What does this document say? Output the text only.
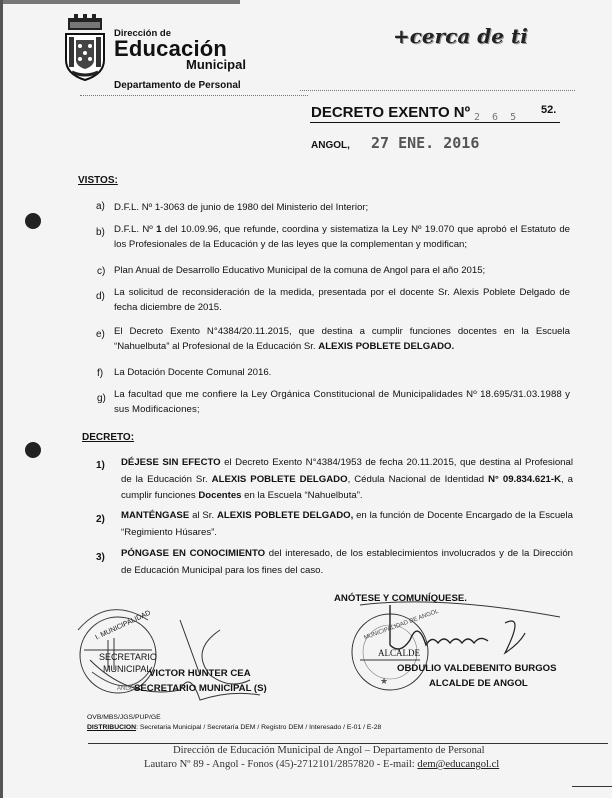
Dirección de
Educación
Municipal
Departamento de Personal
+cerca de ti
DECRETO EXENTO Nº 2 6 5
52.
ANGOL, 27 ENE. 2016
VISTOS:
a) D.F.L. Nº 1-3063 de junio de 1980 del Ministerio del Interior;
b) D.F.L. Nº 1 del 10.09.96, que refunde, coordina y sistematiza la Ley Nº 19.070 que aprobó el Estatuto de los Profesionales de la Educación y de las leyes que la complementan y modifican;
c) Plan Anual de Desarrollo Educativo Municipal de la comuna de Angol para el año 2015;
d) La solicitud de reconsideración de la medida, presentada por el docente Sr. Alexis Poblete Delgado de fecha diciembre de 2015.
e) El Decreto Exento N°4384/20.11.2015, que destina a cumplir funciones docentes en la Escuela “Nahuelbuta” al Profesional de la Educación Sr. ALEXIS POBLETE DELGADO.
f) La Dotación Docente Comunal 2016.
g) La facultad que me confiere la Ley Orgánica Constitucional de Municipalidades Nº 18.695/31.03.1988 y sus Modificaciones;
DECRETO:
1) DÉJESE SIN EFECTO el Decreto Exento N°4384/1953 de fecha 20.11.2015, que destina al Profesional de la Educación Sr. ALEXIS POBLETE DELGADO, Cédula Nacional de Identidad N° 09.834.621-K, a cumplir funciones Docentes en la Escuela “Nahuelbuta”.
2) MANTÉNGASE al Sr. ALEXIS POBLETE DELGADO, en la función de Docente Encargado de la Escuela “Regimiento Húsares”.
3) PÓNGASE EN CONOCIMIENTO del interesado, de los establecimientos involucrados y de la Dirección de Educación Municipal para los fines del caso.
ANÓTESE Y COMUNÍQUESE.
I. MUNICIPALIDAD
SECRETARIO
MUNICIPAL
ANGOL
VICTOR HUNTER CEA
SECRETARIO MUNICIPAL (S)
★
MUNICIPALIDAD DE ANGOL
ALCALDE
OBDULIO VALDEBENITO BURGOS
ALCALDE DE ANGOL
OVB/MBS/JGS/PUP/GE
DISTRIBUCION: Secretaria Municipal / Secretaría DEM / Registro DEM / Interesado / E-01 / E-28
Dirección de Educación Municipal de Angol – Departamento de Personal
Lautaro Nº 89 - Angol - Fonos (45)-2712101/2857820 - E-mail: dem@educangol.cl
